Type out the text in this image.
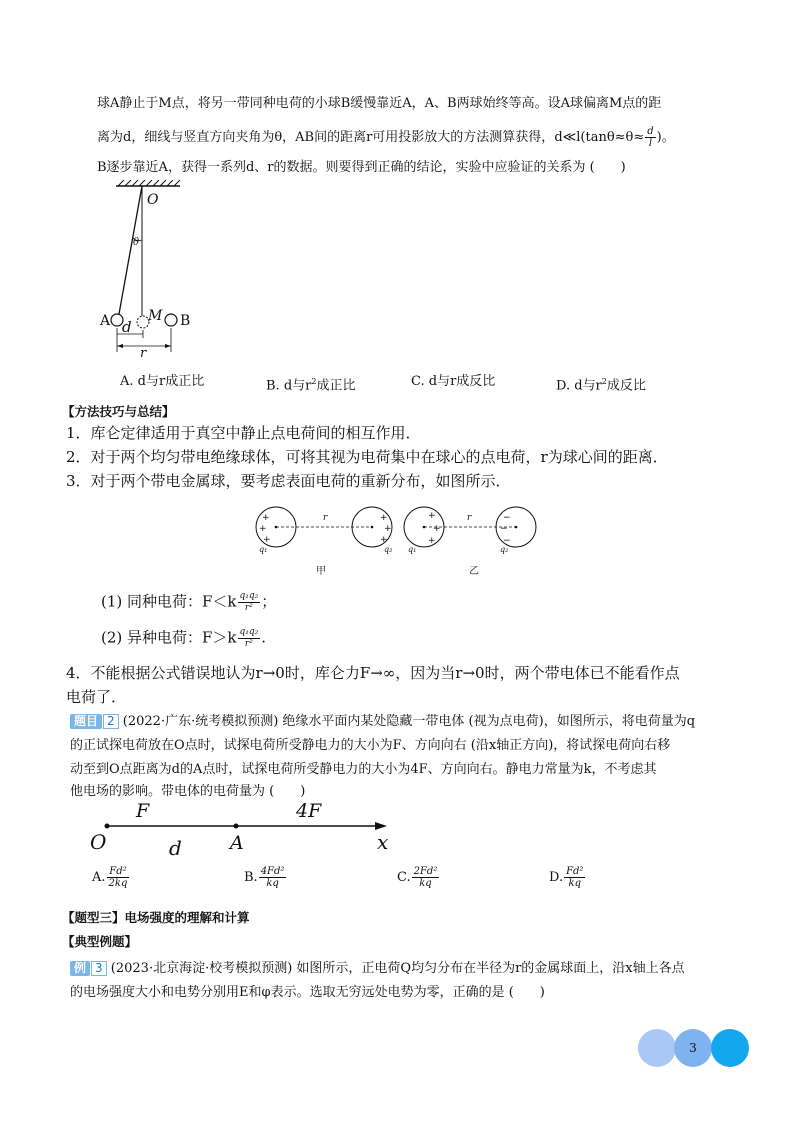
球A静止于M点，将另一带同种电荷的小球B缓慢靠近A，A、B两球始终等高。设A球偏离M点的距
离为d，细线与竖直方向夹角为θ，AB间的距离r可用投影放大的方法测算获得，d≪l(tanθ≈θ≈ $\frac{d}{l}$ )。
B逐步靠近A，获得一系列d、r的数据。则要得到正确的结论，实验中应验证的关系为 (　　)
O
θ
A	B
M
d
r
A. d与r成正比	B. d与$r^2$成正比	C. d与r成反比	D. d与$r^2$成反比
【方法技巧与总结】
1．库仑定律适用于真空中静止点电荷间的相互作用．
2．对于两个均匀带电绝缘球体，可将其视为电荷集中在球心的点电荷，r为球心间的距离．
3．对于两个带电金属球，要考虑表面电荷的重新分布，如图所示．
+
+
+
+
+
+
+
+
+
−
−
−
r	r
q₁	q₂ q₁	q₂
甲	乙
(1) 同种电荷：$F<k \frac{\text{q₁q₂}}{\text{r²}}$ ；
(2) 异种电荷：$F>k \frac{\text{q₁q₂}}{\text{r²}}$ .
4．不能根据公式错误地认为r→0时，库仑力F→∞，因为当r→0时，两个带电体已不能看作点
电荷了．
题目 2 (2022·广东·统考模拟预测) 绝缘水平面内某处隐藏一带电体 (视为点电荷)，如图所示，将电荷量为q
的正试探电荷放在O点时，试探电荷所受静电力的大小为F、方向向右 (沿x轴正方向)，将试探电荷向右移
动至到O点距离为d的A点时，试探电荷所受静电力的大小为4F、方向向右。静电力常量为k，不考虑其
他电场的影响。带电体的电荷量为 (　　)
O
F	4F
d	A	x
A. $\frac{\text{Fd²}}{2kq}$	B. $\frac{\text{4Fd²}}{kq}$	C. $\frac{\text{2Fd²}}{kq}$	D. $\frac{\text{Fd²}}{kq}$
【题型三】电场强度的理解和计算
【典型例题】
例 3 (2023·北京海淀·校考模拟预测) 如图所示，正电荷Q均匀分布在半径为r的金属球面上，沿x轴上各点
的电场强度大小和电势分别用E和φ表示。选取无穷远处电势为零，正确的是 (　　)
3
